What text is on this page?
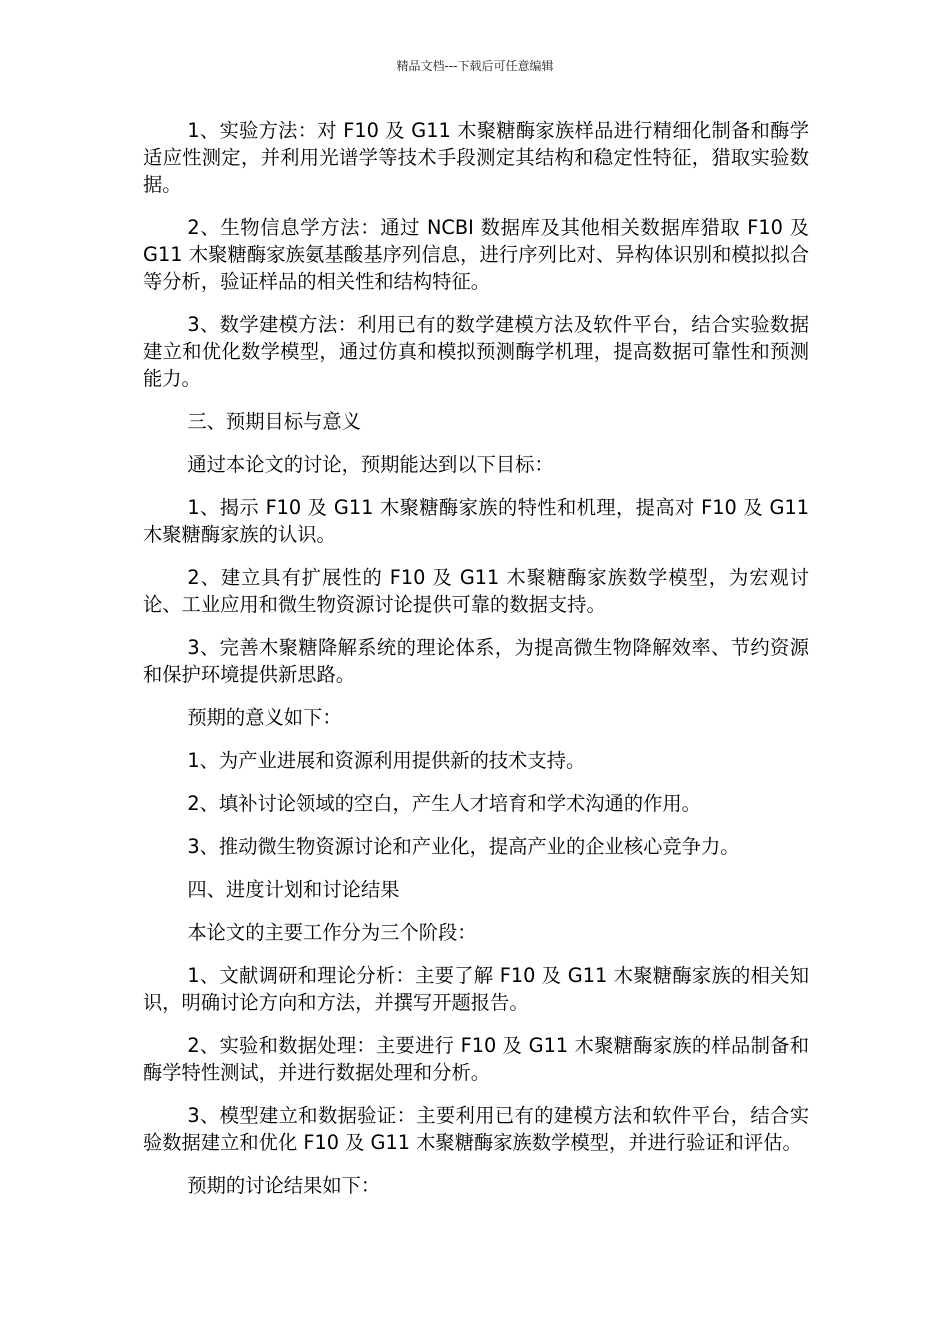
精品文档---下载后可任意编辑

1、实验方法：对 F10 及 G11 木聚糖酶家族样品进行精细化制备和酶学适应性测定，并利用光谱学等技术手段测定其结构和稳定性特征，猎取实验数据。

2、生物信息学方法：通过 NCBI 数据库及其他相关数据库猎取 F10 及 G11 木聚糖酶家族氨基酸基序列信息，进行序列比对、异构体识别和模拟拟合等分析，验证样品的相关性和结构特征。

3、数学建模方法：利用已有的数学建模方法及软件平台，结合实验数据建立和优化数学模型，通过仿真和模拟预测酶学机理，提高数据可靠性和预测能力。

三、预期目标与意义

通过本论文的讨论，预期能达到以下目标：

1、揭示 F10 及 G11 木聚糖酶家族的特性和机理，提高对 F10 及 G11 木聚糖酶家族的认识。

2、建立具有扩展性的 F10 及 G11 木聚糖酶家族数学模型，为宏观讨论、工业应用和微生物资源讨论提供可靠的数据支持。

3、完善木聚糖降解系统的理论体系，为提高微生物降解效率、节约资源和保护环境提供新思路。

预期的意义如下：

1、为产业进展和资源利用提供新的技术支持。

2、填补讨论领域的空白，产生人才培育和学术沟通的作用。

3、推动微生物资源讨论和产业化，提高产业的企业核心竞争力。

四、进度计划和讨论结果

本论文的主要工作分为三个阶段：

1、文献调研和理论分析：主要了解 F10 及 G11 木聚糖酶家族的相关知识，明确讨论方向和方法，并撰写开题报告。

2、实验和数据处理：主要进行 F10 及 G11 木聚糖酶家族的样品制备和酶学特性测试，并进行数据处理和分析。

3、模型建立和数据验证：主要利用已有的建模方法和软件平台，结合实验数据建立和优化 F10 及 G11 木聚糖酶家族数学模型，并进行验证和评估。

预期的讨论结果如下：
